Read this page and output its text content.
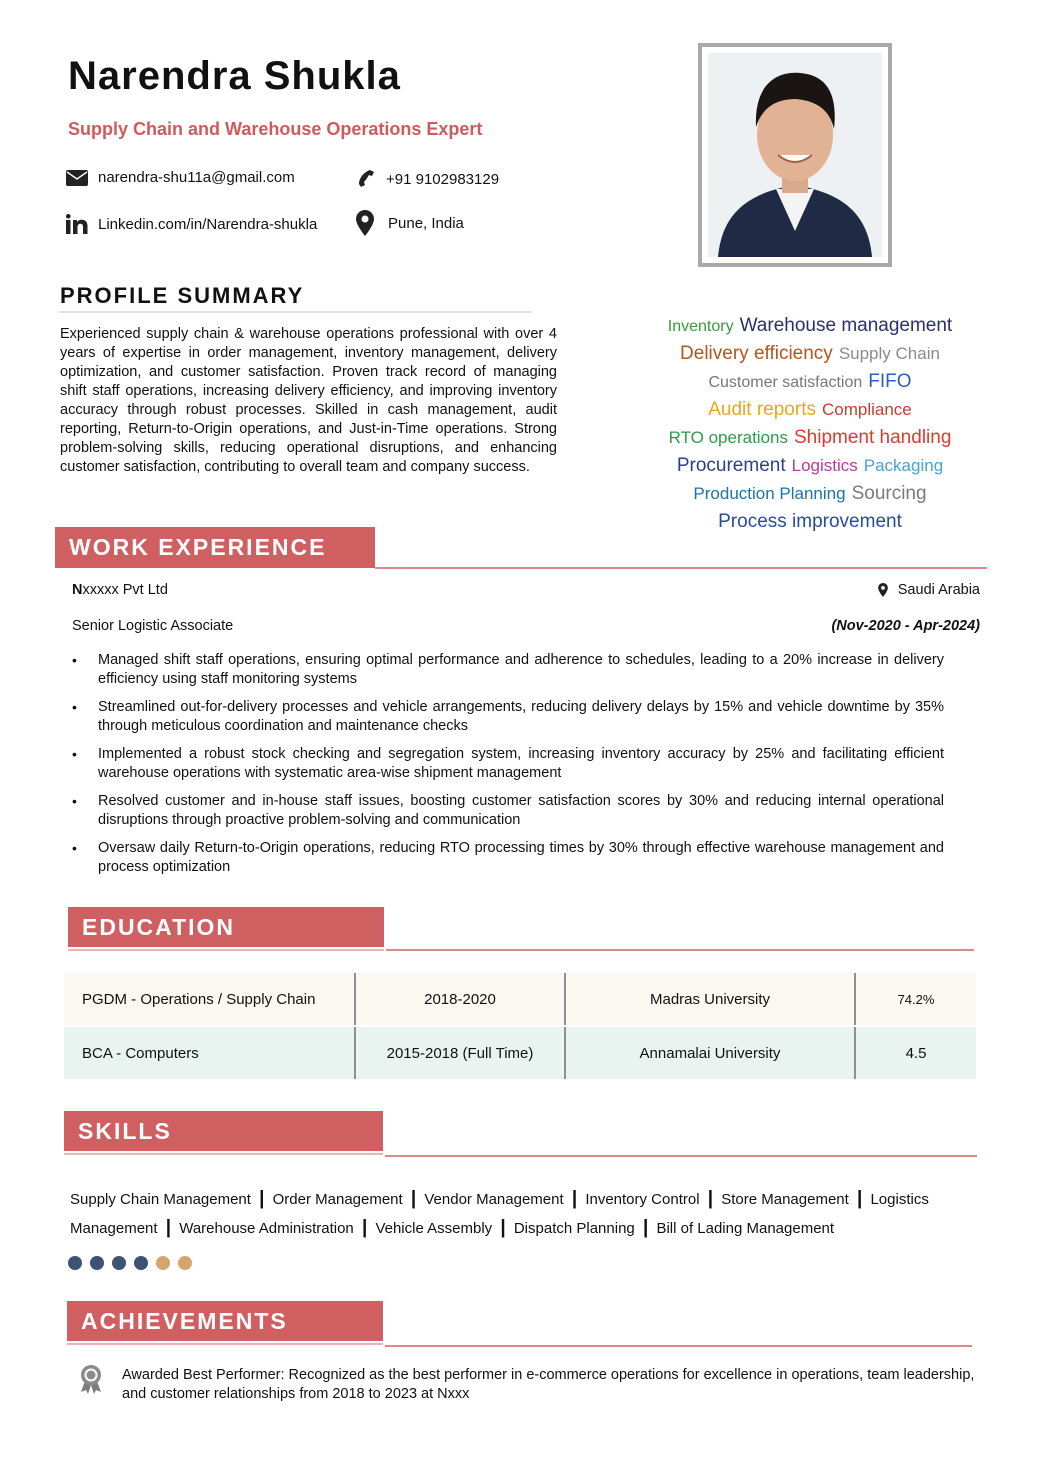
Narendra Shukla
Supply Chain and Warehouse Operations Expert
narendra-shu11a@gmail.com	+91 9102983129
Linkedin.com/in/Narendra-shukla	Pune, India
PROFILE SUMMARY
Experienced supply chain & warehouse operations professional with over 4 years of expertise in order management, inventory management, delivery optimization, and customer satisfaction. Proven track record of managing shift staff operations, increasing delivery efficiency, and improving inventory accuracy through robust processes. Skilled in cash management, audit reporting, Return-to-Origin operations, and Just-in-Time operations. Strong problem-solving skills, reducing operational disruptions, and enhancing customer satisfaction, contributing to overall team and company success.
Inventory Warehouse management
Delivery efficiency Supply Chain
Customer satisfaction FIFO
Audit reports Compliance
RTO operations Shipment handling
Procurement Logistics Packaging
Production Planning Sourcing
Process improvement
WORK EXPERIENCE
Nxxxxx Pvt Ltd	Saudi Arabia
Senior Logistic Associate	(Nov-2020 - Apr-2024)
• Managed shift staff operations, ensuring optimal performance and adherence to schedules, leading to a 20% increase in delivery efficiency using staff monitoring systems
• Streamlined out-for-delivery processes and vehicle arrangements, reducing delivery delays by 15% and vehicle downtime by 35% through meticulous coordination and maintenance checks
• Implemented a robust stock checking and segregation system, increasing inventory accuracy by 25% and facilitating efficient warehouse operations with systematic area-wise shipment management
• Resolved customer and in-house staff issues, boosting customer satisfaction scores by 30% and reducing internal operational disruptions through proactive problem-solving and communication
• Oversaw daily Return-to-Origin operations, reducing RTO processing times by 30% through effective warehouse management and process optimization
EDUCATION
PGDM - Operations / Supply Chain	2018-2020	Madras University	74.2%
BCA - Computers	2015-2018 (Full Time)	Annamalai University	4.5
SKILLS
Supply Chain Management | Order Management | Vendor Management | Inventory Control | Store Management | Logistics Management | Warehouse Administration | Vehicle Assembly | Dispatch Planning | Bill of Lading Management
ACHIEVEMENTS
Awarded Best Performer: Recognized as the best performer in e-commerce operations for excellence in operations, team leadership, and customer relationships from 2018 to 2023 at Nxxx
